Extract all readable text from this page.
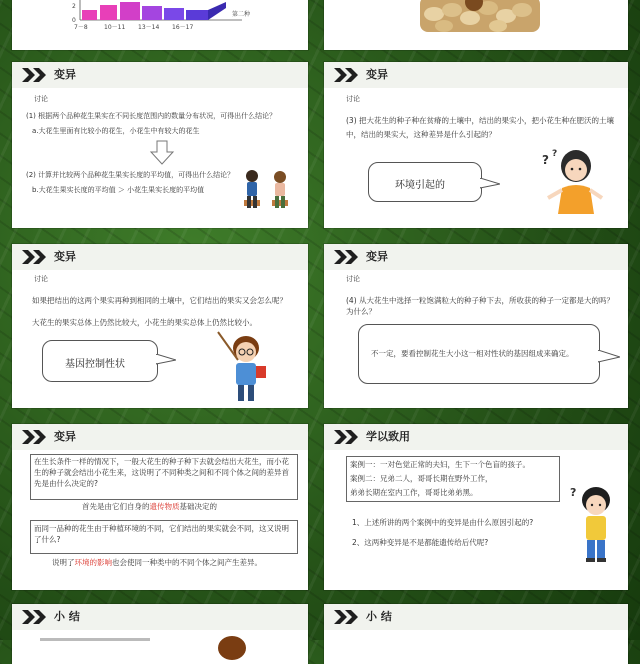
2
0
7－8	10－11 13－14 16－17
第二种
变异
讨论
(1) 根据两个品种花生果实在不同长度范围内的数量分布状况，可得出什么结论？
a.大花生里面有比较小的花生，小花生中有较大的花生
(2) 计算并比较两个品种花生果实长度的平均值，可得出什么结论？
b.大花生果实长度的平均值 ＞ 小花生果实长度的平均值
变异
讨论
(3) 把大花生的种子种在贫瘠的土壤中，结出的果实小，把小花生种在肥沃的土壤中，结出的果实大，这种差异是什么引起的？
环境引起的
? ?
变异
讨论
如果把结出的这两个果实再种到相同的土壤中，它们结出的果实又会怎么呢？
大花生的果实总体上仍然比较大，小花生的果实总体上仍然比较小。
基因控制性状
变异
讨论
(4) 从大花生中选择一粒饱满粒大的种子种下去，所收获的种子一定都是大的吗？为什么？
不一定，要看控制花生大小这一相对性状的基因组成来确定。
变异
在生长条件一样的情况下，一般大花生的种子种下去就会结出大花生，而小花生的种子就会结出小花生来，这说明了不同种类之间和不同个体之间的差异首先是由什么决定的?
首先是由它们自身的遗传物质基础决定的
而同一品种的花生由于种植环境的不同，它们结出的果实就会不同，这又说明了什么?
说明了环境的影响也会使同一种类中的不同个体之间产生差异。
学以致用
案例一：一对色觉正常的夫妇，生下一个色盲的孩子。
案例二：兄弟二人，哥哥长期在野外工作，
弟弟长期在室内工作，哥哥比弟弟黑。
1、上述所讲的两个案例中的变异是由什么原因引起的?
2、这两种变异是不是都能遗传给后代呢?
?
小 结	小 结
